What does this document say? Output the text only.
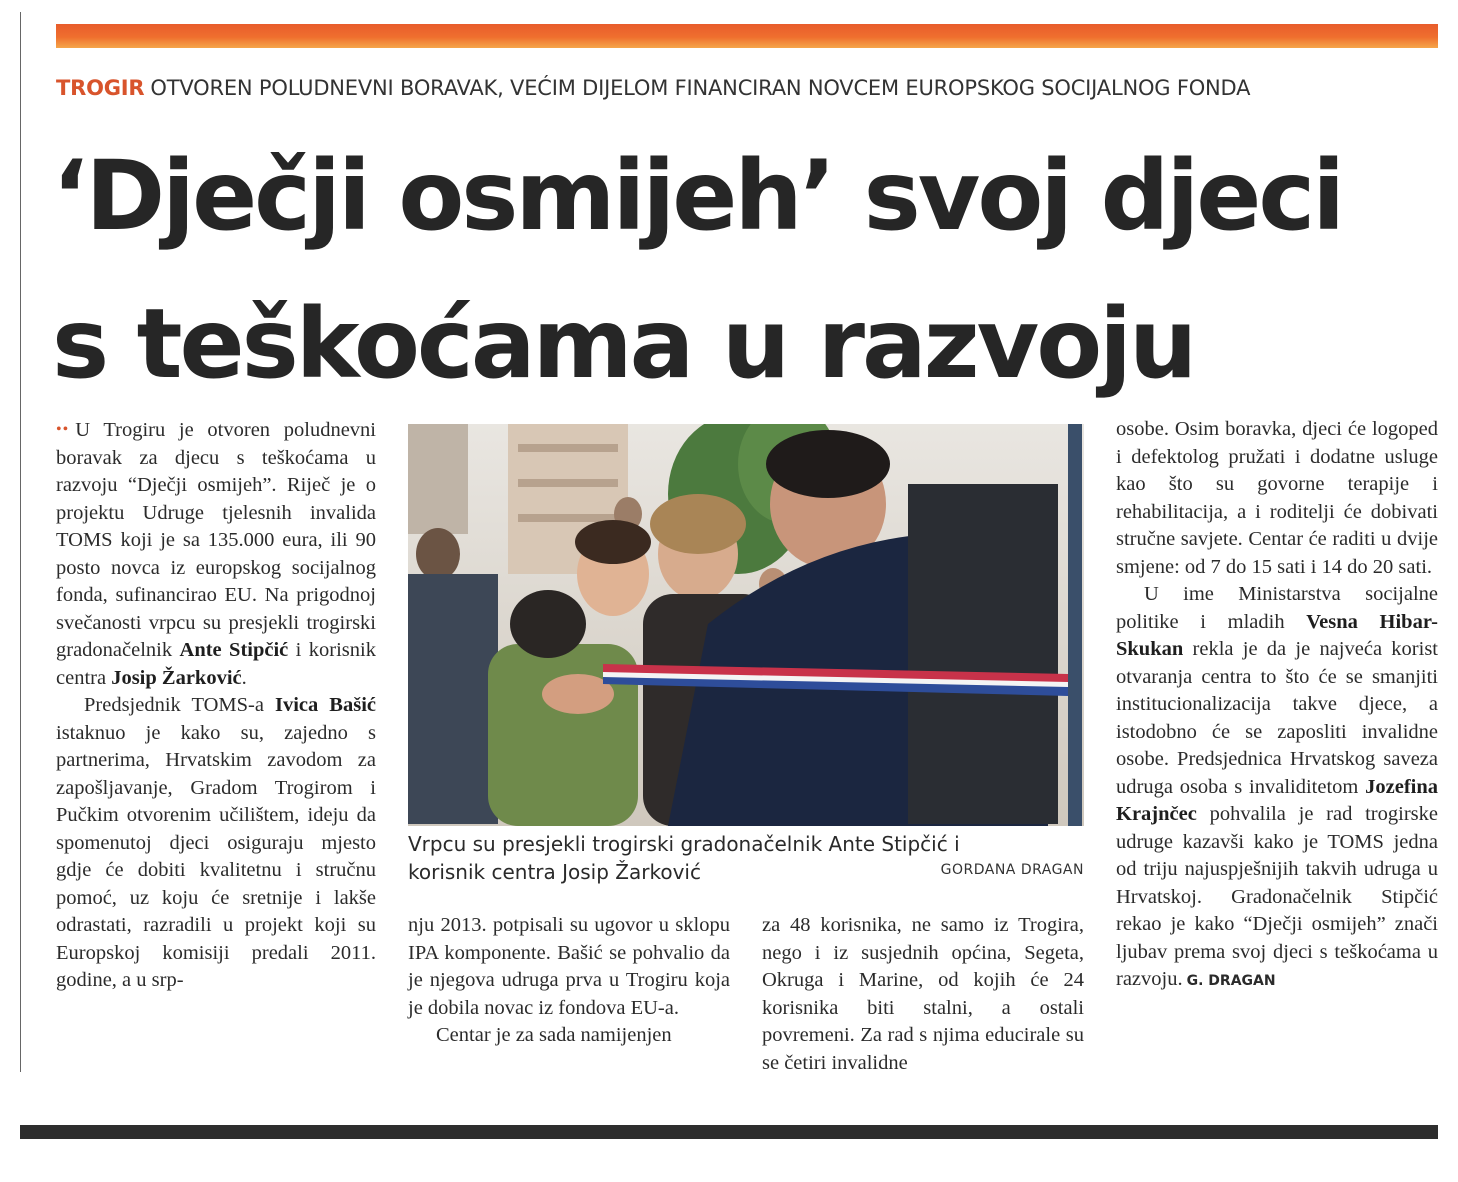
TROGIR OTVOREN POLUDNEVNI BORAVAK, VEĆIM DIJELOM FINANCIRAN NOVCEM EUROPSKOG SOCIJALNOG FONDA
‘Dječji osmijeh’ svoj djeci
s teškoćama u razvoju

•• U Trogiru je otvoren poludnevni boravak za djecu s teškoćama u razvoju “Dječji osmijeh”. Riječ je o projektu Udruge tjelesnih invalida TOMS koji je sa 135.000 eura, ili 90 posto novca iz europskog socijalnog fonda, sufinancirao EU. Na prigodnoj svečanosti vrpcu su presjekli trogirski gradonačelnik Ante Stipčić i korisnik centra Josip Žarković.

Predsjednik TOMS-a Ivica Bašić istaknuo je kako su, zajedno s partnerima, Hrvatskim zavodom za zapošljavanje, Gradom Trogirom i Pučkim otvorenim učilištem, ideju da spomenutoj djeci osiguraju mjesto gdje će dobiti kvalitetnu i stručnu pomoć, uz koju će sretnije i lakše odrastati, razradili u projekt koji su Europskoj komisiji predali 2011. godine, a u srp-

Vrpcu su presjekli trogirski gradonačelnik Ante Stipčić i
korisnik centra Josip Žarković	GORDANA DRAGAN

nju 2013. potpisali su ugovor u sklopu IPA komponente. Bašić se pohvalio da je njegova udruga prva u Trogiru koja je dobila novac iz fondova EU-a.

Centar je za sada namijenjen

za 48 korisnika, ne samo iz Trogira, nego i iz susjednih općina, Segeta, Okruga i Marine, od kojih će 24 korisnika biti stalni, a ostali povremeni. Za rad s njima educirale su se četiri invalidne

osobe. Osim boravka, djeci će logoped i defektolog pružati i dodatne usluge kao što su govorne terapije i rehabilitacija, a i roditelji će dobivati stručne savjete. Centar će raditi u dvije smjene: od 7 do 15 sati i 14 do 20 sati.

U ime Ministarstva socijalne politike i mladih Vesna Hibar-Skukan rekla je da je najveća korist otvaranja centra to što će se smanjiti institucionalizacija takve djece, a istodobno će se zaposliti invalidne osobe. Predsjednica Hrvatskog saveza udruga osoba s invaliditetom Jozefina Krajnčec pohvalila je rad trogirske udruge kazavši kako je TOMS jedna od triju najuspješnijih takvih udruga u Hrvatskoj. Gradonačelnik Stipčić rekao je kako “Dječji osmijeh” znači ljubav prema svoj djeci s teškoćama u razvoju. G. DRAGAN
